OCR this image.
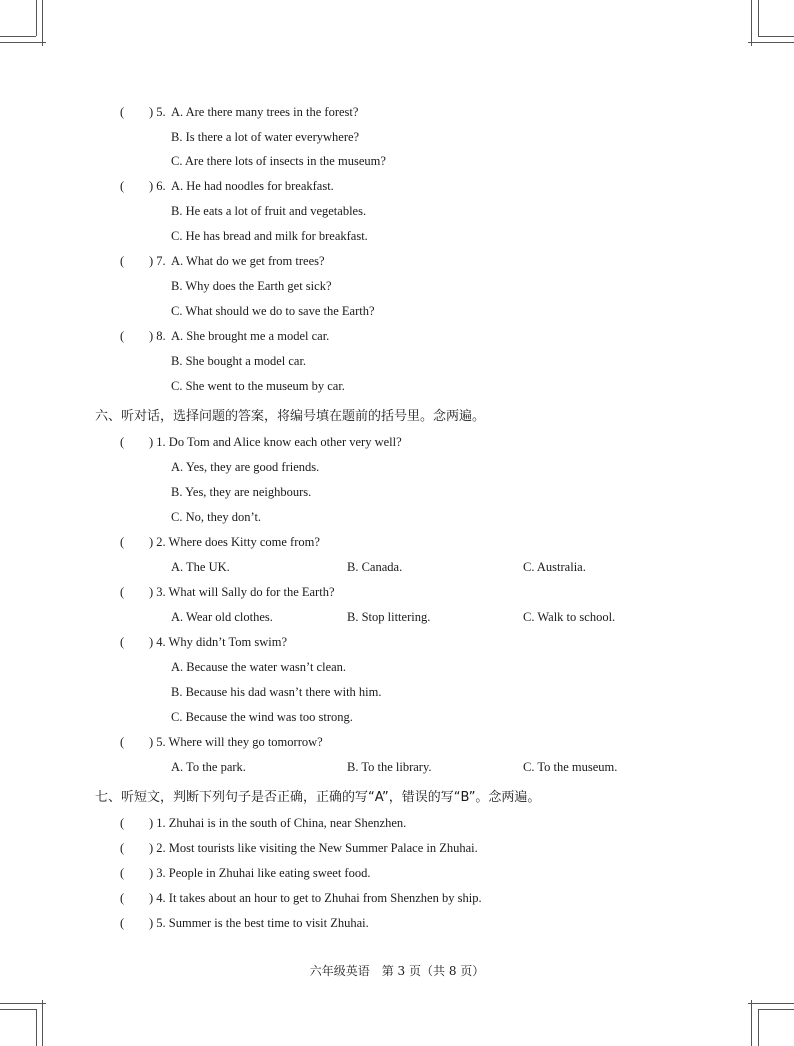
( ) 5. A. Are there many trees in the forest?
B. Is there a lot of water everywhere?
C. Are there lots of insects in the museum?
( ) 6. A. He had noodles for breakfast.
B. He eats a lot of fruit and vegetables.
C. He has bread and milk for breakfast.
( ) 7. A. What do we get from trees?
B. Why does the Earth get sick?
C. What should we do to save the Earth?
( ) 8. A. She brought me a model car.
B. She bought a model car.
C. She went to the museum by car.
六、听对话，选择问题的答案，将编号填在题前的括号里。念两遍。
( ) 1. Do Tom and Alice know each other very well?
A. Yes, they are good friends.
B. Yes, they are neighbours.
C. No, they don’t.
( ) 2. Where does Kitty come from?
A. The UK.	B. Canada.	C. Australia.
( ) 3. What will Sally do for the Earth?
A. Wear old clothes.	B. Stop littering.	C. Walk to school.
( ) 4. Why didn’t Tom swim?
A. Because the water wasn’t clean.
B. Because his dad wasn’t there with him.
C. Because the wind was too strong.
( ) 5. Where will they go tomorrow?
A. To the park.	B. To the library.	C. To the museum.
七、听短文，判断下列句子是否正确，正确的写“A”，错误的写“B”。念两遍。
( ) 1. Zhuhai is in the south of China, near Shenzhen.
( ) 2. Most tourists like visiting the New Summer Palace in Zhuhai.
( ) 3. People in Zhuhai like eating sweet food.
( ) 4. It takes about an hour to get to Zhuhai from Shenzhen by ship.
( ) 5. Summer is the best time to visit Zhuhai.
六年级英语　第 3 页（共 8 页）
